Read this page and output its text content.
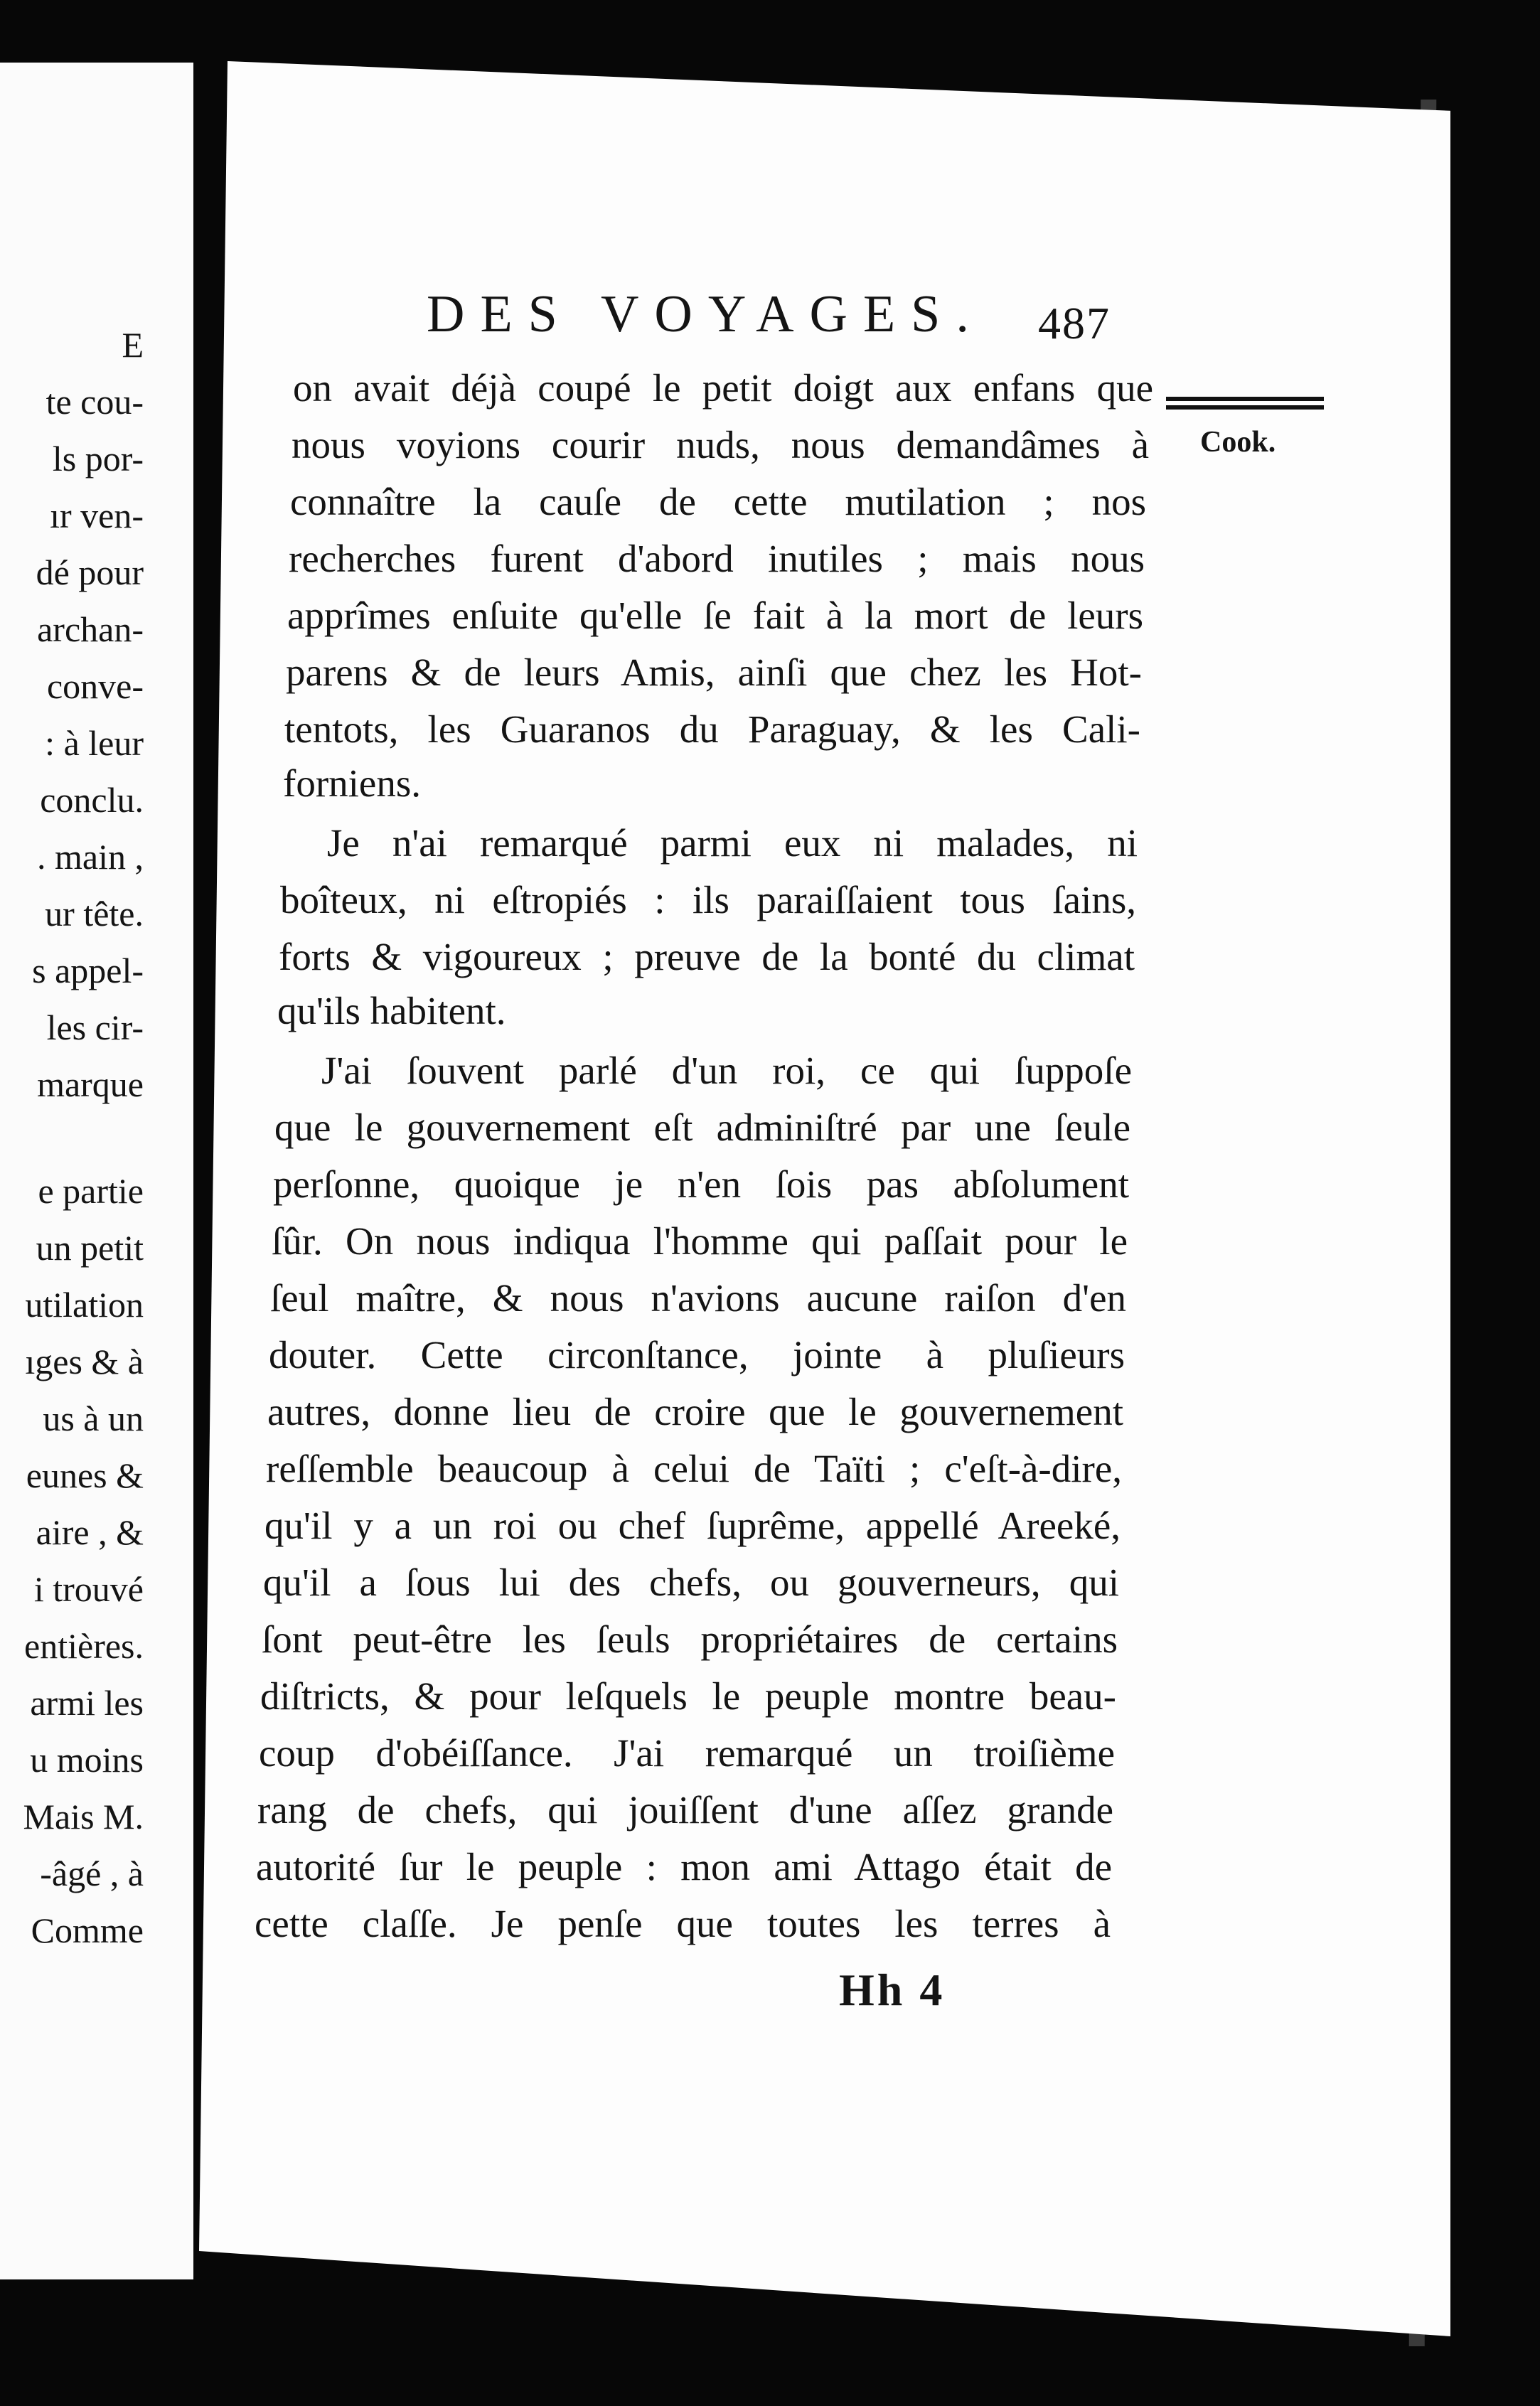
E
te cou-
ls por-
ır ven-
dé pour
archan-
conve-
: à leur
conclu.
. main ,
ur tête.
s appel-
les cir-
marque
e partie
un petit
utilation
ıges & à
us à un
eunes &
aire , &
i trouvé
entières.
armi les
u moins
Mais M.
-âgé , à
Comme
DES VOYAGES. 487
Cook.
on avait déjà coupé le petit doigt aux enfans que
nous voyions courir nuds, nous demandâmes à
connaître la cauſe de cette mutilation ; nos
recherches furent d'abord inutiles ; mais nous
apprîmes enſuite qu'elle ſe fait à la mort de leurs
parens & de leurs Amis, ainſi que chez les Hot-
tentots, les Guaranos du Paraguay, & les Cali-
forniens.
Je n'ai remarqué parmi eux ni malades, ni
boîteux, ni eſtropiés : ils paraiſſaient tous ſains,
forts & vigoureux ; preuve de la bonté du climat
qu'ils habitent.
J'ai ſouvent parlé d'un roi, ce qui ſuppoſe
que le gouvernement eſt adminiſtré par une ſeule
perſonne, quoique je n'en ſois pas abſolument
ſûr. On nous indiqua l'homme qui paſſait pour le
ſeul maître, & nous n'avions aucune raiſon d'en
douter. Cette circonſtance, jointe à pluſieurs
autres, donne lieu de croire que le gouvernement
reſſemble beaucoup à celui de Taïti ; c'eſt-à-dire,
qu'il y a un roi ou chef ſuprême, appellé Areeké,
qu'il a ſous lui des chefs, ou gouverneurs, qui
ſont peut-être les ſeuls propriétaires de certains
diſtricts, & pour leſquels le peuple montre beau-
coup d'obéiſſance. J'ai remarqué un troiſième
rang de chefs, qui jouiſſent d'une aſſez grande
autorité ſur le peuple : mon ami Attago était de
cette claſſe. Je penſe que toutes les terres à
Hh 4
